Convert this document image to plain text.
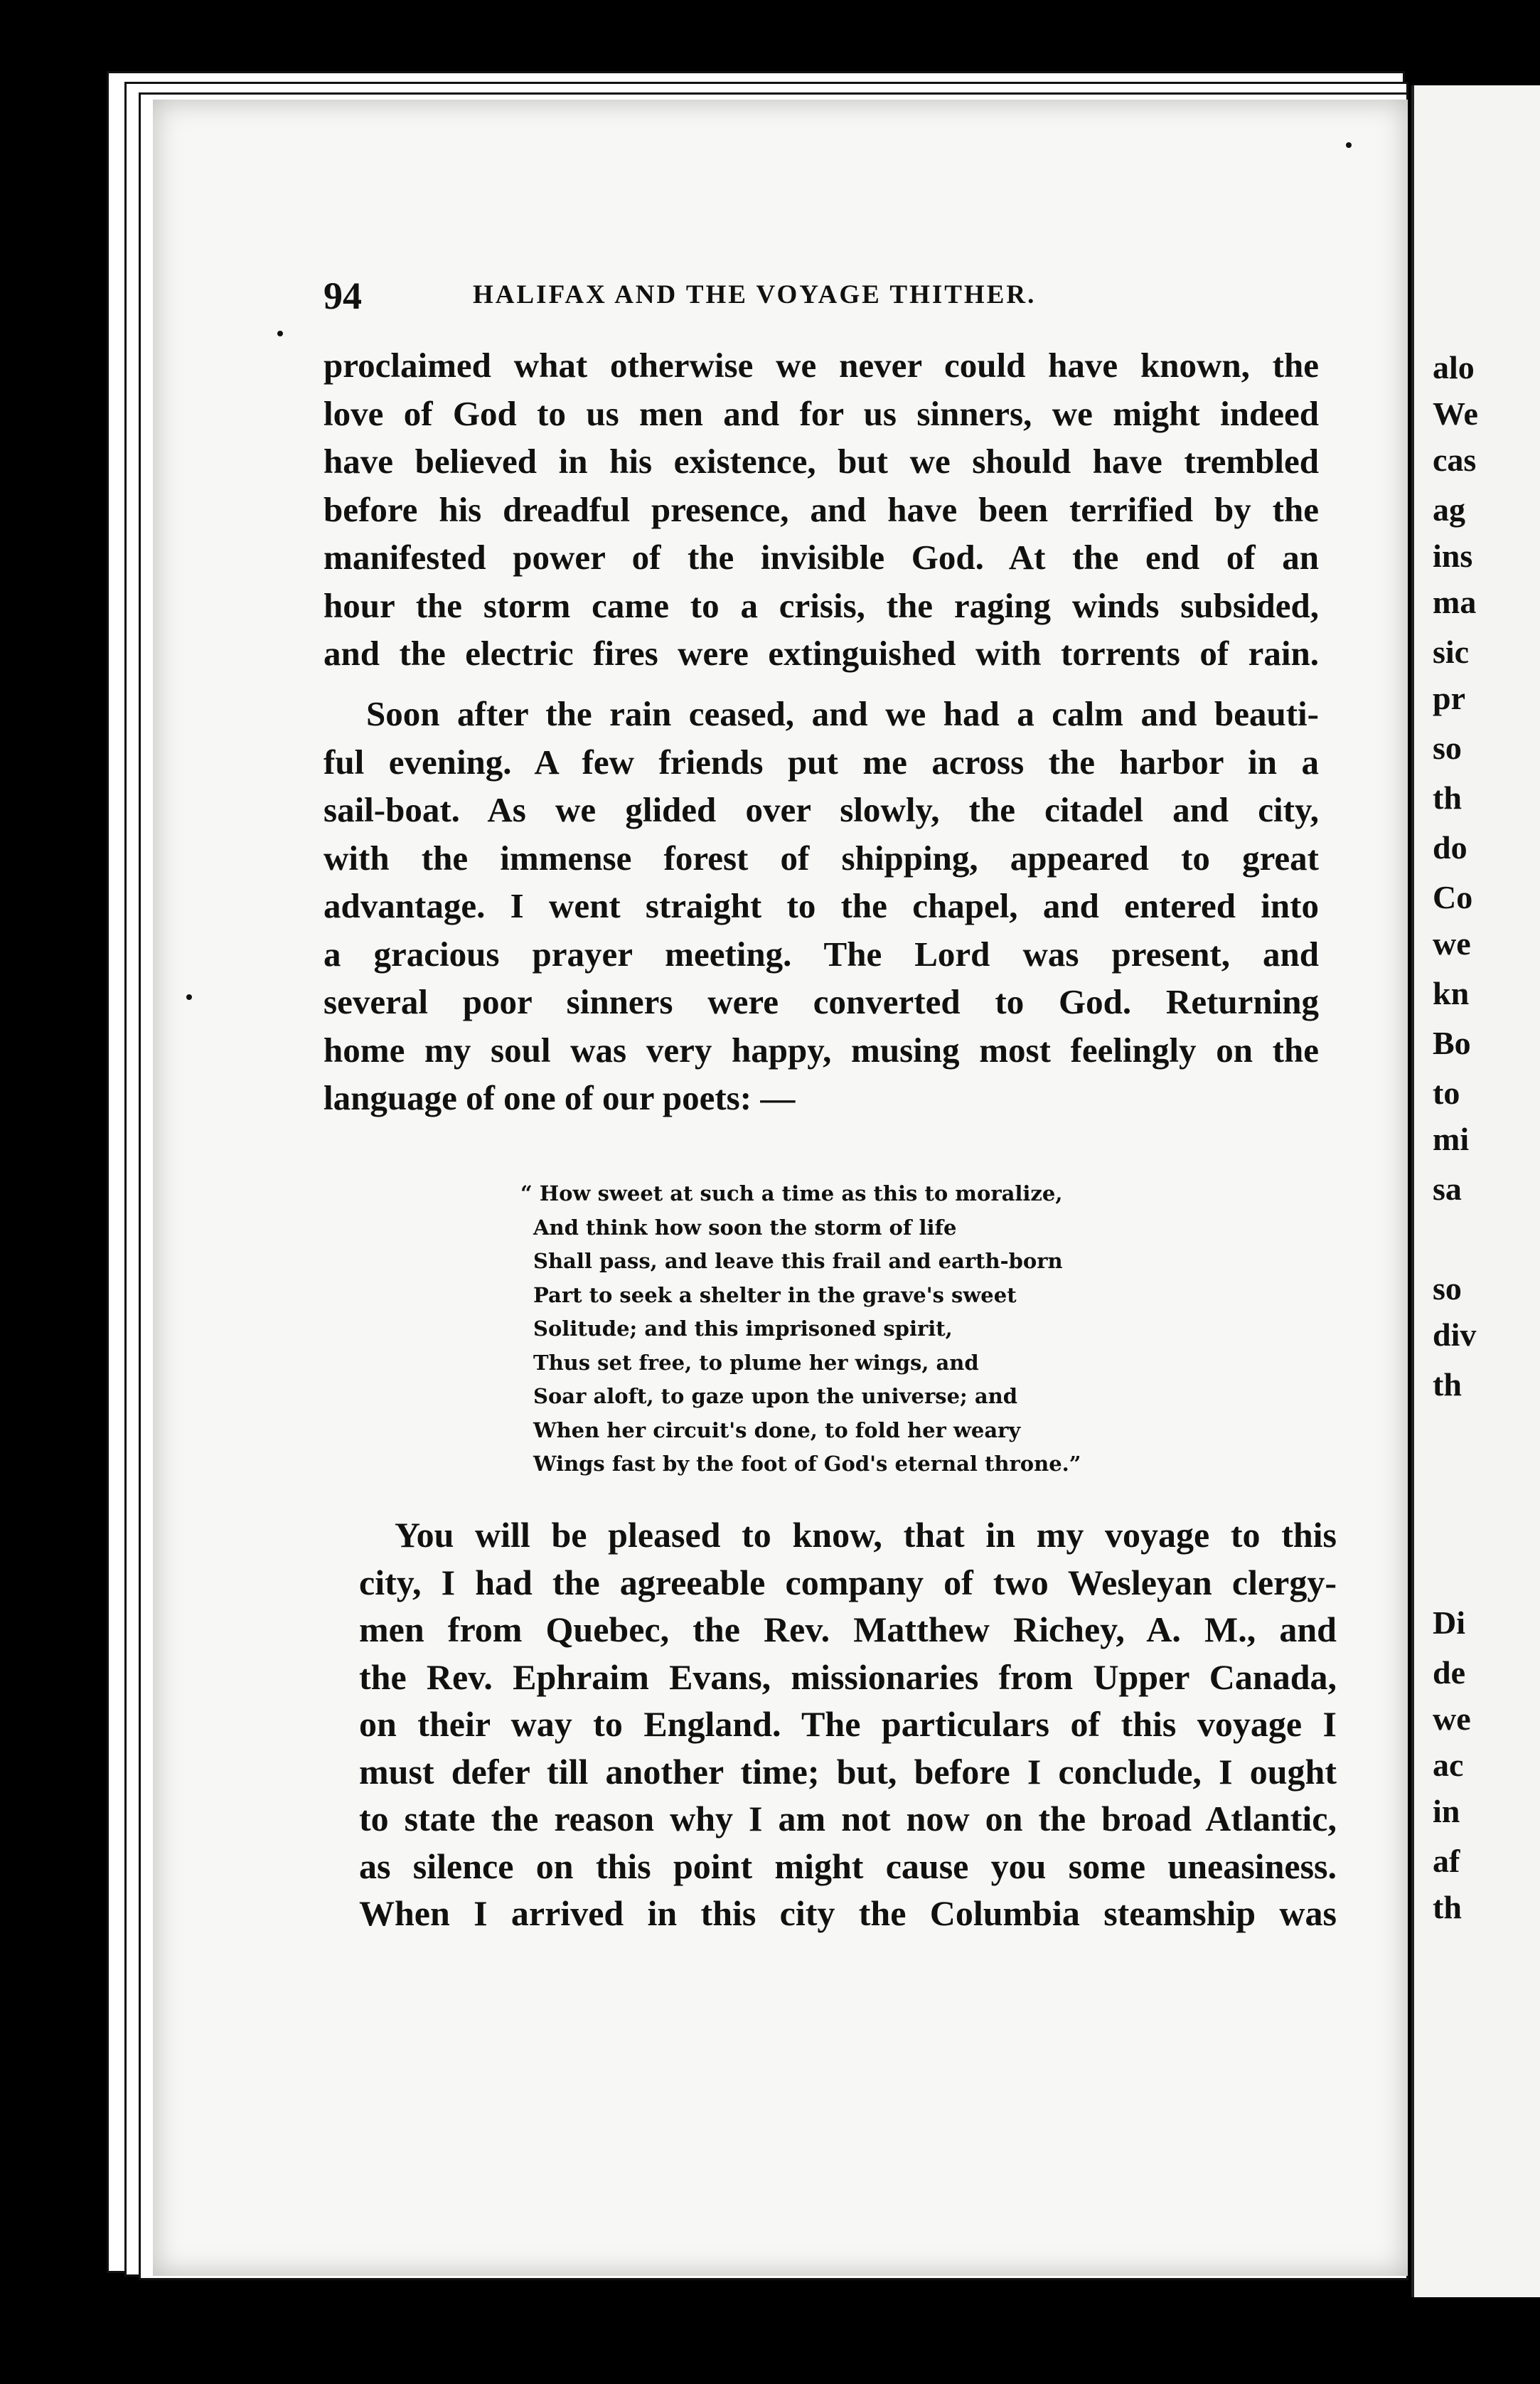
alo
We
cas
ag
ins
ma
sic
pr
so
th
do
Co
we
kn
Bo
to
mi
sa
so
div
th
Di
de
we
ac
in
af
th
94	HALIFAX AND THE VOYAGE THITHER.
proclaimed what otherwise we never could have known, the
love of God to us men and for us sinners, we might indeed
have believed in his existence, but we should have trembled
before his dreadful presence, and have been terrified by the
manifested power of the invisible God. At the end of an
hour the storm came to a crisis, the raging winds subsided,
and the electric fires were extinguished with torrents of rain.
Soon after the rain ceased, and we had a calm and beauti-
ful evening. A few friends put me across the harbor in a
sail-boat. As we glided over slowly, the citadel and city,
with the immense forest of shipping, appeared to great
advantage. I went straight to the chapel, and entered into
a gracious prayer meeting. The Lord was present, and
several poor sinners were converted to God. Returning
home my soul was very happy, musing most feelingly on the
language of one of our poets: —
“ How sweet at such a time as this to moralize,
And think how soon the storm of life
Shall pass, and leave this frail and earth-born
Part to seek a shelter in the grave's sweet
Solitude; and this imprisoned spirit,
Thus set free, to plume her wings, and
Soar aloft, to gaze upon the universe; and
When her circuit's done, to fold her weary
Wings fast by the foot of God's eternal throne.”
You will be pleased to know, that in my voyage to this
city, I had the agreeable company of two Wesleyan clergy-
men from Quebec, the Rev. Matthew Richey, A. M., and
the Rev. Ephraim Evans, missionaries from Upper Canada,
on their way to England. The particulars of this voyage I
must defer till another time; but, before I conclude, I ought
to state the reason why I am not now on the broad Atlantic,
as silence on this point might cause you some uneasiness.
When I arrived in this city the Columbia steamship was
